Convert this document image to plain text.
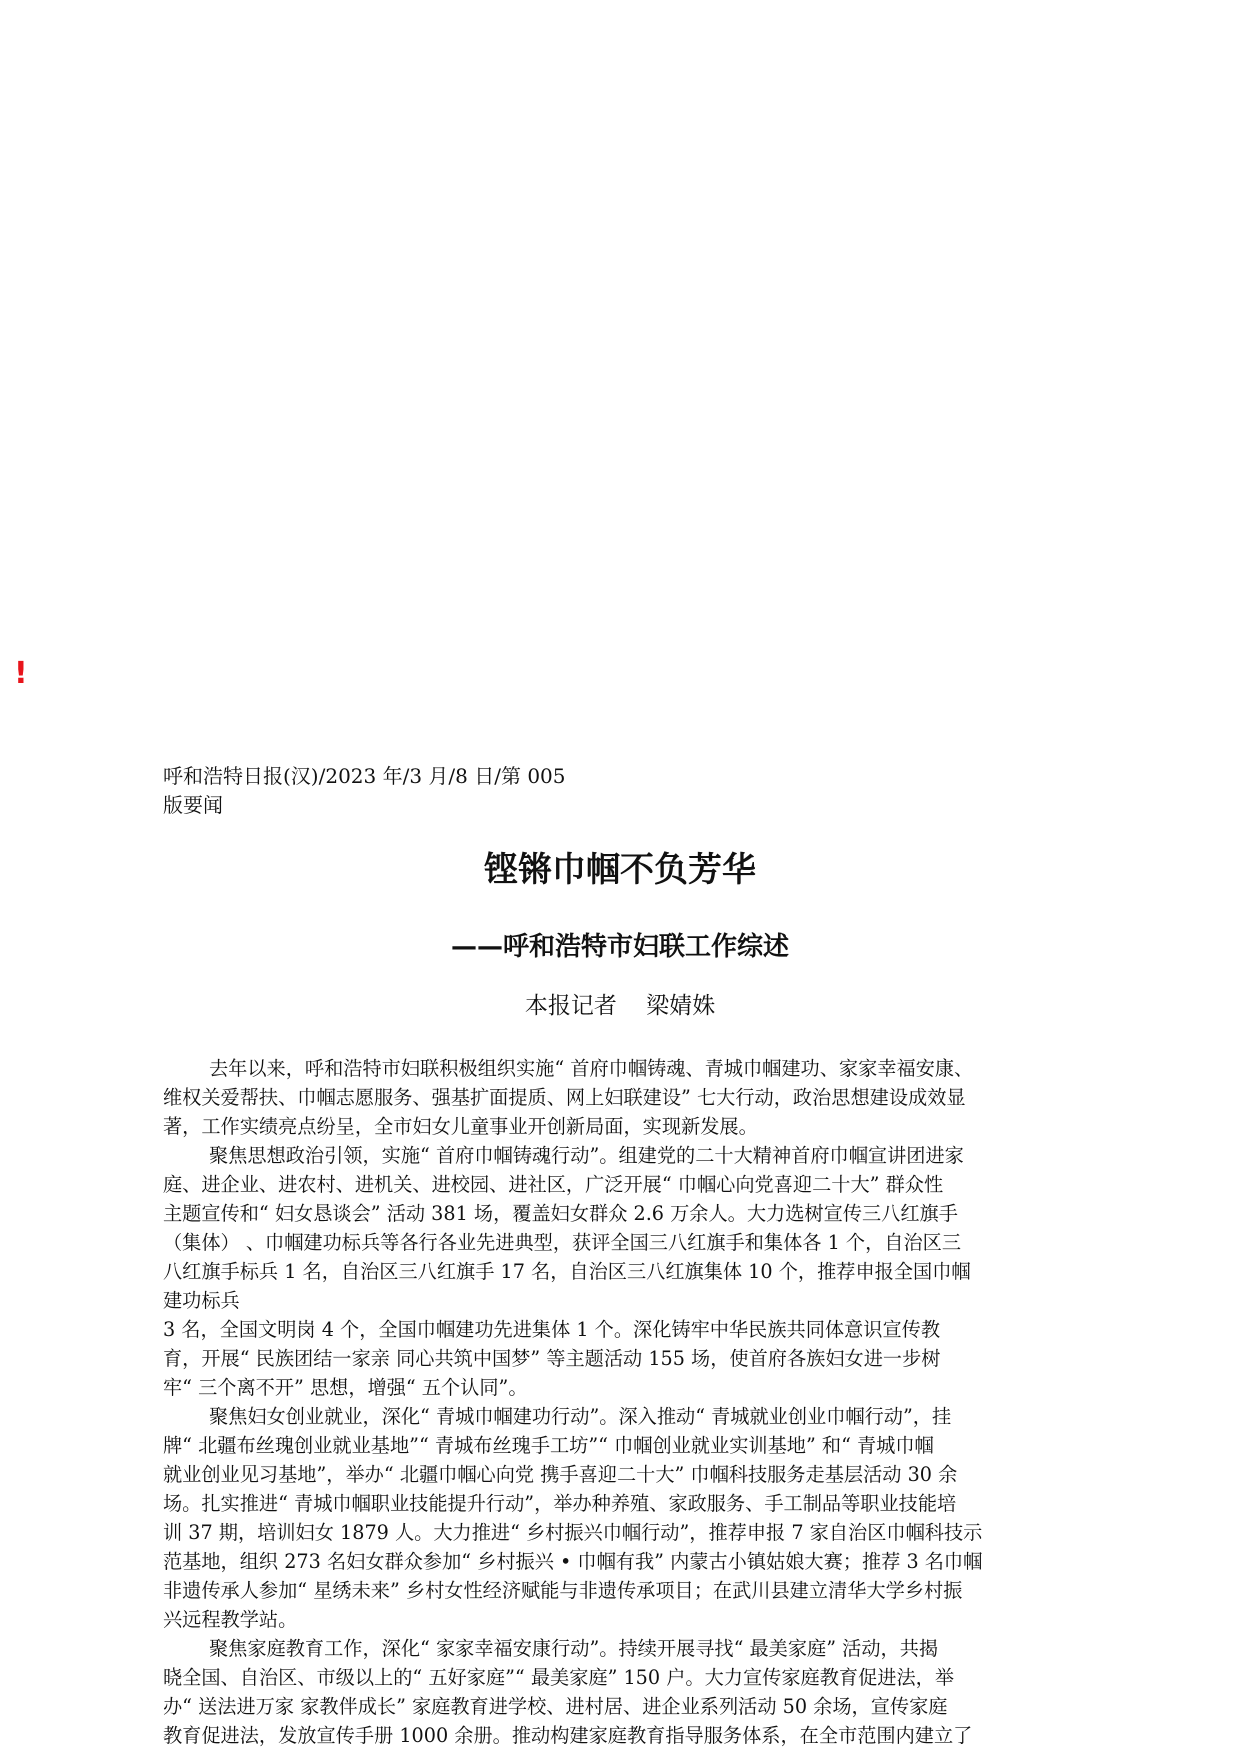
!
呼和浩特日报(汉)/2023 年/3 月/8 日/第 005
版要闻
铿锵巾帼不负芳华
——呼和浩特市妇联工作综述
本报记者    梁婧姝
去年以来，呼和浩特市妇联积极组织实施“ 首府巾帼铸魂、青城巾帼建功、家家幸福安康、
维权关爱帮扶、巾帼志愿服务、强基扩面提质、网上妇联建设” 七大行动，政治思想建设成效显
著，工作实绩亮点纷呈，全市妇女儿童事业开创新局面，实现新发展。
聚焦思想政治引领，实施“ 首府巾帼铸魂行动”。组建党的二十大精神首府巾帼宣讲团进家
庭、进企业、进农村、进机关、进校园、进社区，广泛开展“ 巾帼心向党喜迎二十大” 群众性
主题宣传和“ 妇女恳谈会” 活动 381 场，覆盖妇女群众 2.6 万余人。大力选树宣传三八红旗手
（集体） 、巾帼建功标兵等各行各业先进典型，获评全国三八红旗手和集体各 1 个，自治区三
八红旗手标兵 1 名，自治区三八红旗手 17 名，自治区三八红旗集体 10 个，推荐申报全国巾帼
建功标兵
3 名，全国文明岗 4 个，全国巾帼建功先进集体 1 个。深化铸牢中华民族共同体意识宣传教
育，开展“ 民族团结一家亲 同心共筑中国梦” 等主题活动 155 场，使首府各族妇女进一步树
牢“ 三个离不开” 思想，增强“ 五个认同”。
聚焦妇女创业就业，深化“ 青城巾帼建功行动”。深入推动“ 青城就业创业巾帼行动”，挂
牌“ 北疆布丝瑰创业就业基地”“ 青城布丝瑰手工坊”“ 巾帼创业就业实训基地” 和“ 青城巾帼
就业创业见习基地”，举办“ 北疆巾帼心向党 携手喜迎二十大” 巾帼科技服务走基层活动 30 余
场。扎实推进“ 青城巾帼职业技能提升行动”，举办种养殖、家政服务、手工制品等职业技能培
训 37 期，培训妇女 1879 人。大力推进“ 乡村振兴巾帼行动”，推荐申报 7 家自治区巾帼科技示
范基地，组织 273 名妇女群众参加“ 乡村振兴 • 巾帼有我” 内蒙古小镇姑娘大赛；推荐 3 名巾帼
非遗传承人参加“ 星绣未来” 乡村女性经济赋能与非遗传承项目；在武川县建立清华大学乡村振
兴远程教学站。
聚焦家庭教育工作，深化“ 家家幸福安康行动”。持续开展寻找“ 最美家庭” 活动，共揭
晓全国、自治区、市级以上的“ 五好家庭”“ 最美家庭” 150 户。大力宣传家庭教育促进法，举
办“ 送法进万家 家教伴成长” 家庭教育进学校、进村居、进企业系列活动 50 余场，宣传家庭
教育促进法，发放宣传手册 1000 余册。推动构建家庭教育指导服务体系，在全市范围内建立了
